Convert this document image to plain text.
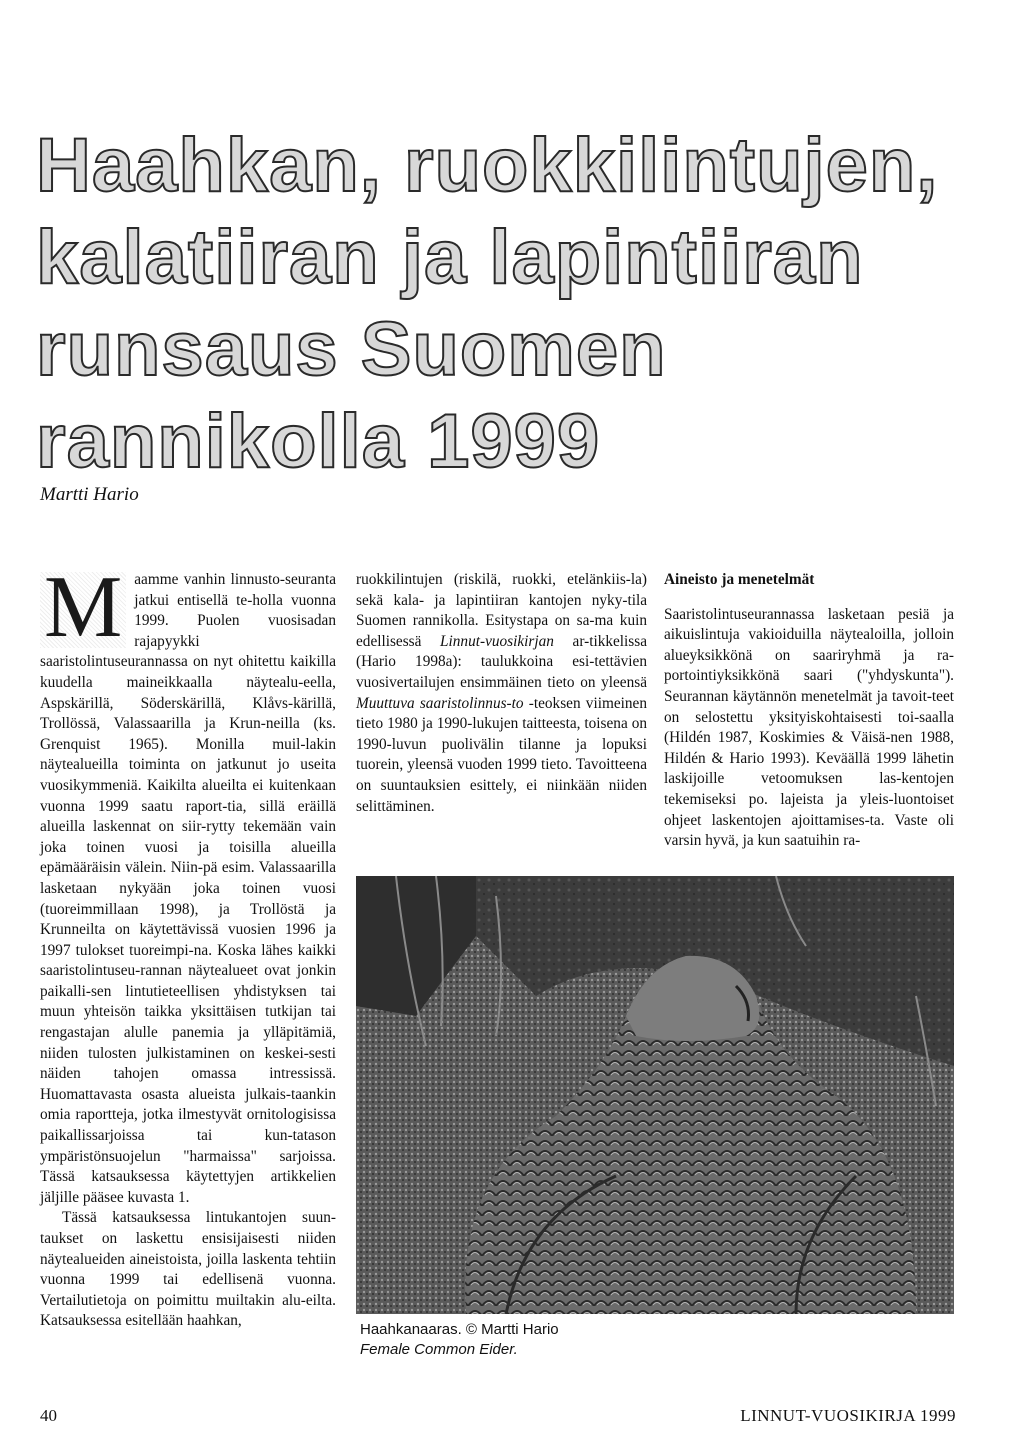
Haahkan, ruokkilintujen,
kalatiiran ja lapintiiran
runsaus Suomen
rannikolla 1999
Martti Hario

M aamme vanhin linnusto-seuranta jatkui entisellä te-holla vuonna 1999. Puolen vuosisadan rajapyykki saaristolintuseurannassa on nyt ohitettu kaikilla kuudella maineikkaalla näytealu-eella, Aspskärillä, Söderskärillä, Klåvs-kärillä, Trollössä, Valassaarilla ja Krun-neilla (ks. Grenquist 1965). Monilla muil-lakin näytealueilla toiminta on jatkunut jo useita vuosikymmeniä. Kaikilta alueilta ei kuitenkaan vuonna 1999 saatu raport-tia, sillä eräillä alueilla laskennat on siir-rytty tekemään vain joka toinen vuosi ja toisilla alueilla epämääräisin välein. Niin-pä esim. Valassaarilla lasketaan nykyään joka toinen vuosi (tuoreimmillaan 1998), ja Trollöstä ja Krunneilta on käytettävissä vuosien 1996 ja 1997 tulokset tuoreimpi-na. Koska lähes kaikki saaristolintuseu-rannan näytealueet ovat jonkin paikalli-sen lintutieteellisen yhdistyksen tai muun yhteisön taikka yksittäisen tutkijan tai rengastajan alulle panemia ja ylläpitämiä, niiden tulosten julkistaminen on keskei-sesti näiden tahojen omassa intressissä. Huomattavasta osasta alueista julkais-taankin omia raportteja, jotka ilmestyvät ornitologisissa paikallissarjoissa tai kun-tatason ympäristönsuojelun "harmaissa" sarjoissa. Tässä katsauksessa käytettyjen artikkelien jäljille pääsee kuvasta 1.

Tässä katsauksessa lintukantojen suun-taukset on laskettu ensisijaisesti niiden näytealueiden aineistoista, joilla laskenta tehtiin vuonna 1999 tai edellisenä vuonna. Vertailutietoja on poimittu muiltakin alu-eilta. Katsauksessa esitellään haahkan,

ruokkilintujen (riskilä, ruokki, etelänkiis-la) sekä kala- ja lapintiiran kantojen nyky-tila Suomen rannikolla. Esitystapa on sa-ma kuin edellisessä Linnut-vuosikirjan ar-tikkelissa (Hario 1998a): taulukkoina esi-tettävien vuosivertailujen ensimmäinen tieto on yleensä Muuttuva saaristolinnus-to -teoksen viimeinen tieto 1980 ja 1990-lukujen taitteesta, toisena on 1990-luvun puolivälin tilanne ja lopuksi tuorein, yleensä vuoden 1999 tieto. Tavoitteena on suuntauksien esittely, ei niinkään niiden selittäminen.

Aineisto ja menetelmät

Saaristolintuseurannassa lasketaan pesiä ja aikuislintuja vakioiduilla näytealoilla, jolloin alueyksikkönä on saariryhmä ja ra-portointiyksikkönä saari ("yhdyskunta"). Seurannan käytännön menetelmät ja tavoit-teet on selostettu yksityiskohtaisesti toi-saalla (Hildén 1987, Koskimies & Väisä-nen 1988, Hildén & Hario 1993). Keväällä 1999 lähetin laskijoille vetoomuksen las-kentojen tekemiseksi po. lajeista ja yleis-luontoiset ohjeet laskentojen ajoittamises-ta. Vaste oli varsin hyvä, ja kun saatuihin ra-

Haahkanaaras. © Martti Hario
Female Common Eider.
40	LINNUT-VUOSIKIRJA 1999
